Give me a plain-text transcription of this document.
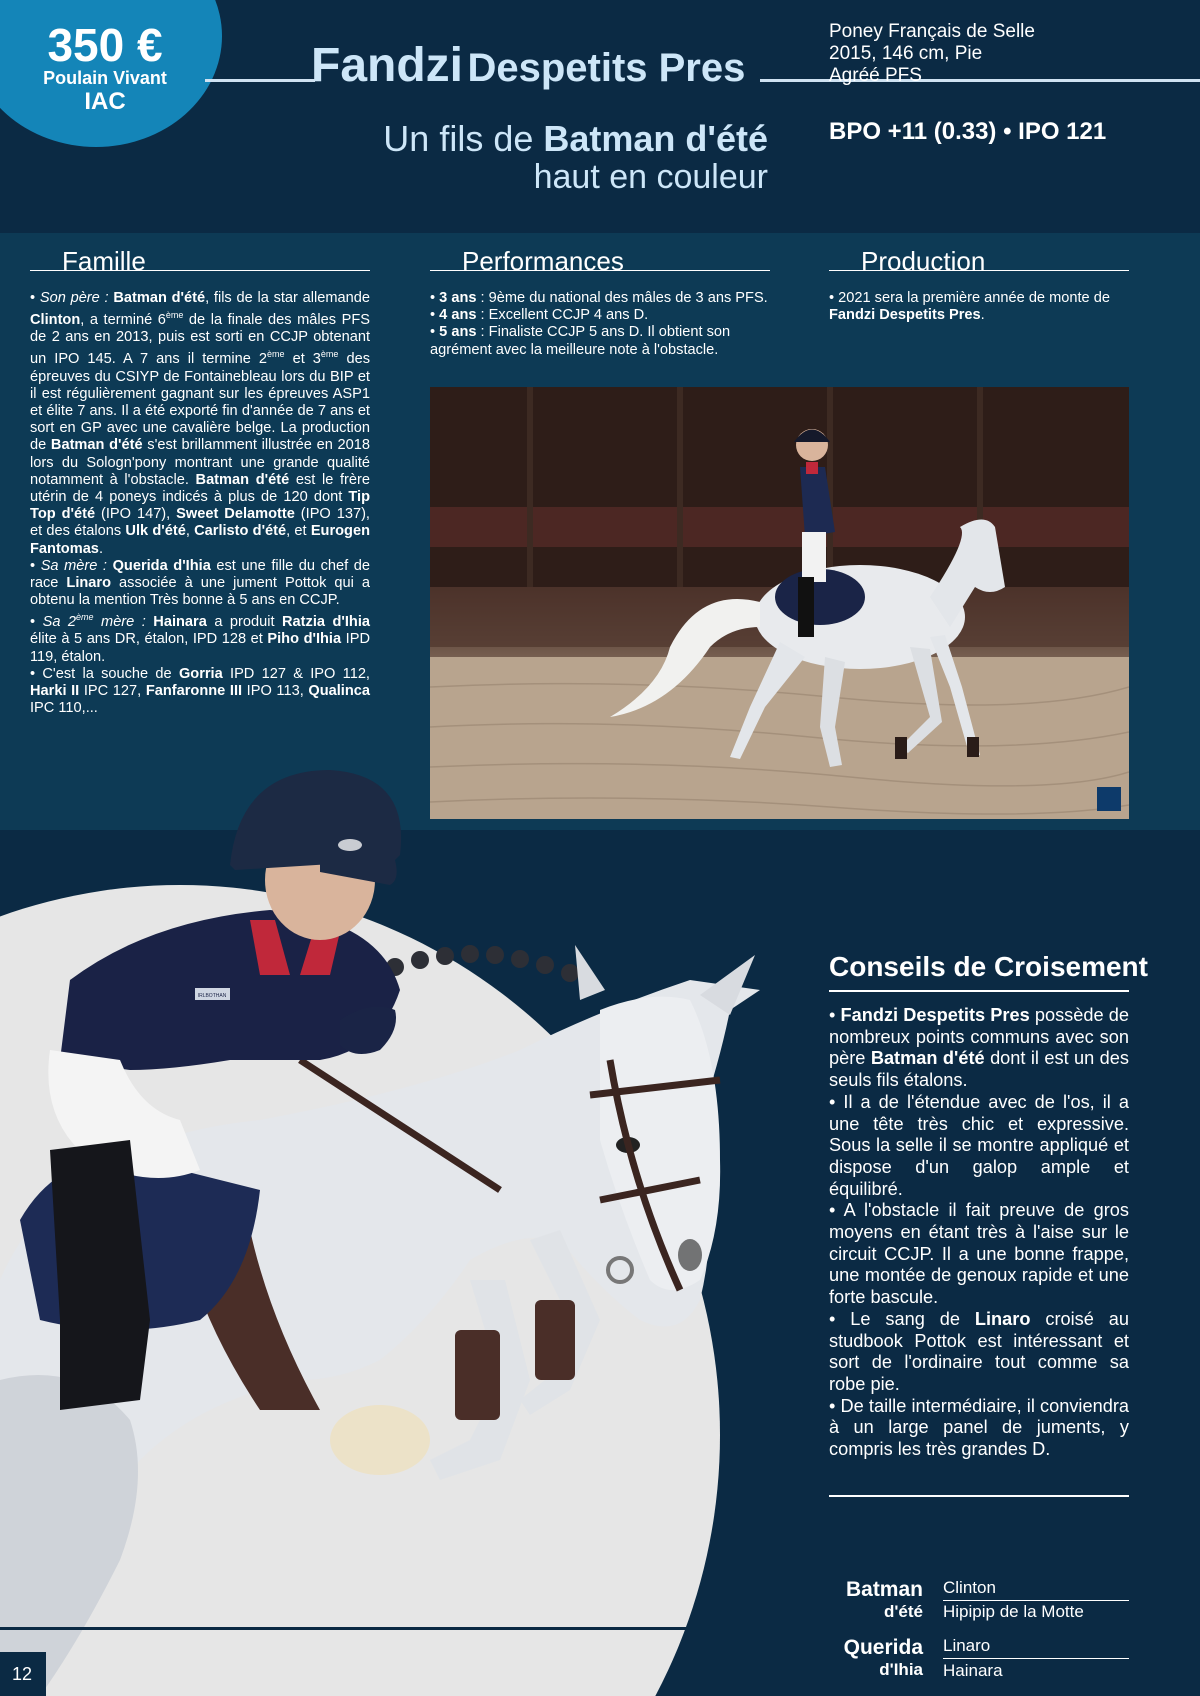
350 €
Poulain Vivant
IAC
Fandzi Despetits Pres
Un fils de Batman d'été
haut en couleur
Poney Français de Selle
2015, 146 cm, Pie
Agréé PFS
BPO +11 (0.33) • IPO 121
Famille	Performances	Production

• Son père : Batman d'été, fils de la star allemande Clinton, a terminé 6ème de la finale des mâles PFS de 2 ans en 2013, puis est sorti en CCJP obtenant un IPO 145. A 7 ans il termine 2ème et 3ème des épreuves du CSIYP de Fontainebleau lors du BIP et il est régulièrement gagnant sur les épreuves ASP1 et élite 7 ans. Il a été exporté fin d'année de 7 ans et sort en GP avec une cavalière belge. La production de Batman d'été s'est brillamment illustrée en 2018 lors du Sologn'pony montrant une grande qualité notamment à l'obstacle. Batman d'été est le frère utérin de 4 poneys indicés à plus de 120 dont Tip Top d'été (IPO 147), Sweet Delamotte (IPO 137), et des étalons Ulk d'été, Carlisto d'été, et Eurogen Fantomas.

• Sa mère : Querida d'Ihia est une fille du chef de race Linaro associée à une jument Pottok qui a obtenu la mention Très bonne à 5 ans en CCJP.

• Sa 2ème mère : Hainara a produit Ratzia d'Ihia élite à 5 ans DR, étalon, IPD 128 et Piho d'Ihia IPD 119, étalon.

• C'est la souche de Gorria IPD 127 & IPO 112, Harki II IPC 127, Fanfaronne III IPO 113, Qualinca IPC 110,...

• 3 ans : 9ème du national des mâles de 3 ans PFS.
• 4 ans : Excellent CCJP 4 ans D.
• 5 ans : Finaliste CCJP 5 ans D. Il obtient son agrément avec la meilleure note à l'obstacle.
• 2021 sera la première année de monte de Fandzi Despetits Pres.
IRLBOTHAN
Conseils de Croisement
• Fandzi Despetits Pres possède de nombreux points communs avec son père Batman d'été dont il est un des seuls fils étalons.
• Il a de l'étendue avec de l'os, il a une tête très chic et expressive. Sous la selle il se montre appliqué et dispose d'un galop ample et équilibré.
• A l'obstacle il fait preuve de gros moyens en étant très à l'aise sur le circuit CCJP. Il a une bonne frappe, une montée de genoux rapide et une forte bascule.
• Le sang de Linaro croisé au studbook Pottok est intéressant et sort de l'ordinaire tout comme sa robe pie.
• De taille intermédiaire, il conviendra à un large panel de juments, y compris les très grandes D.
Batman
d'été
Clinton
Hipipip de la Motte
Querida
d'Ihia
Linaro
Hainara
12
